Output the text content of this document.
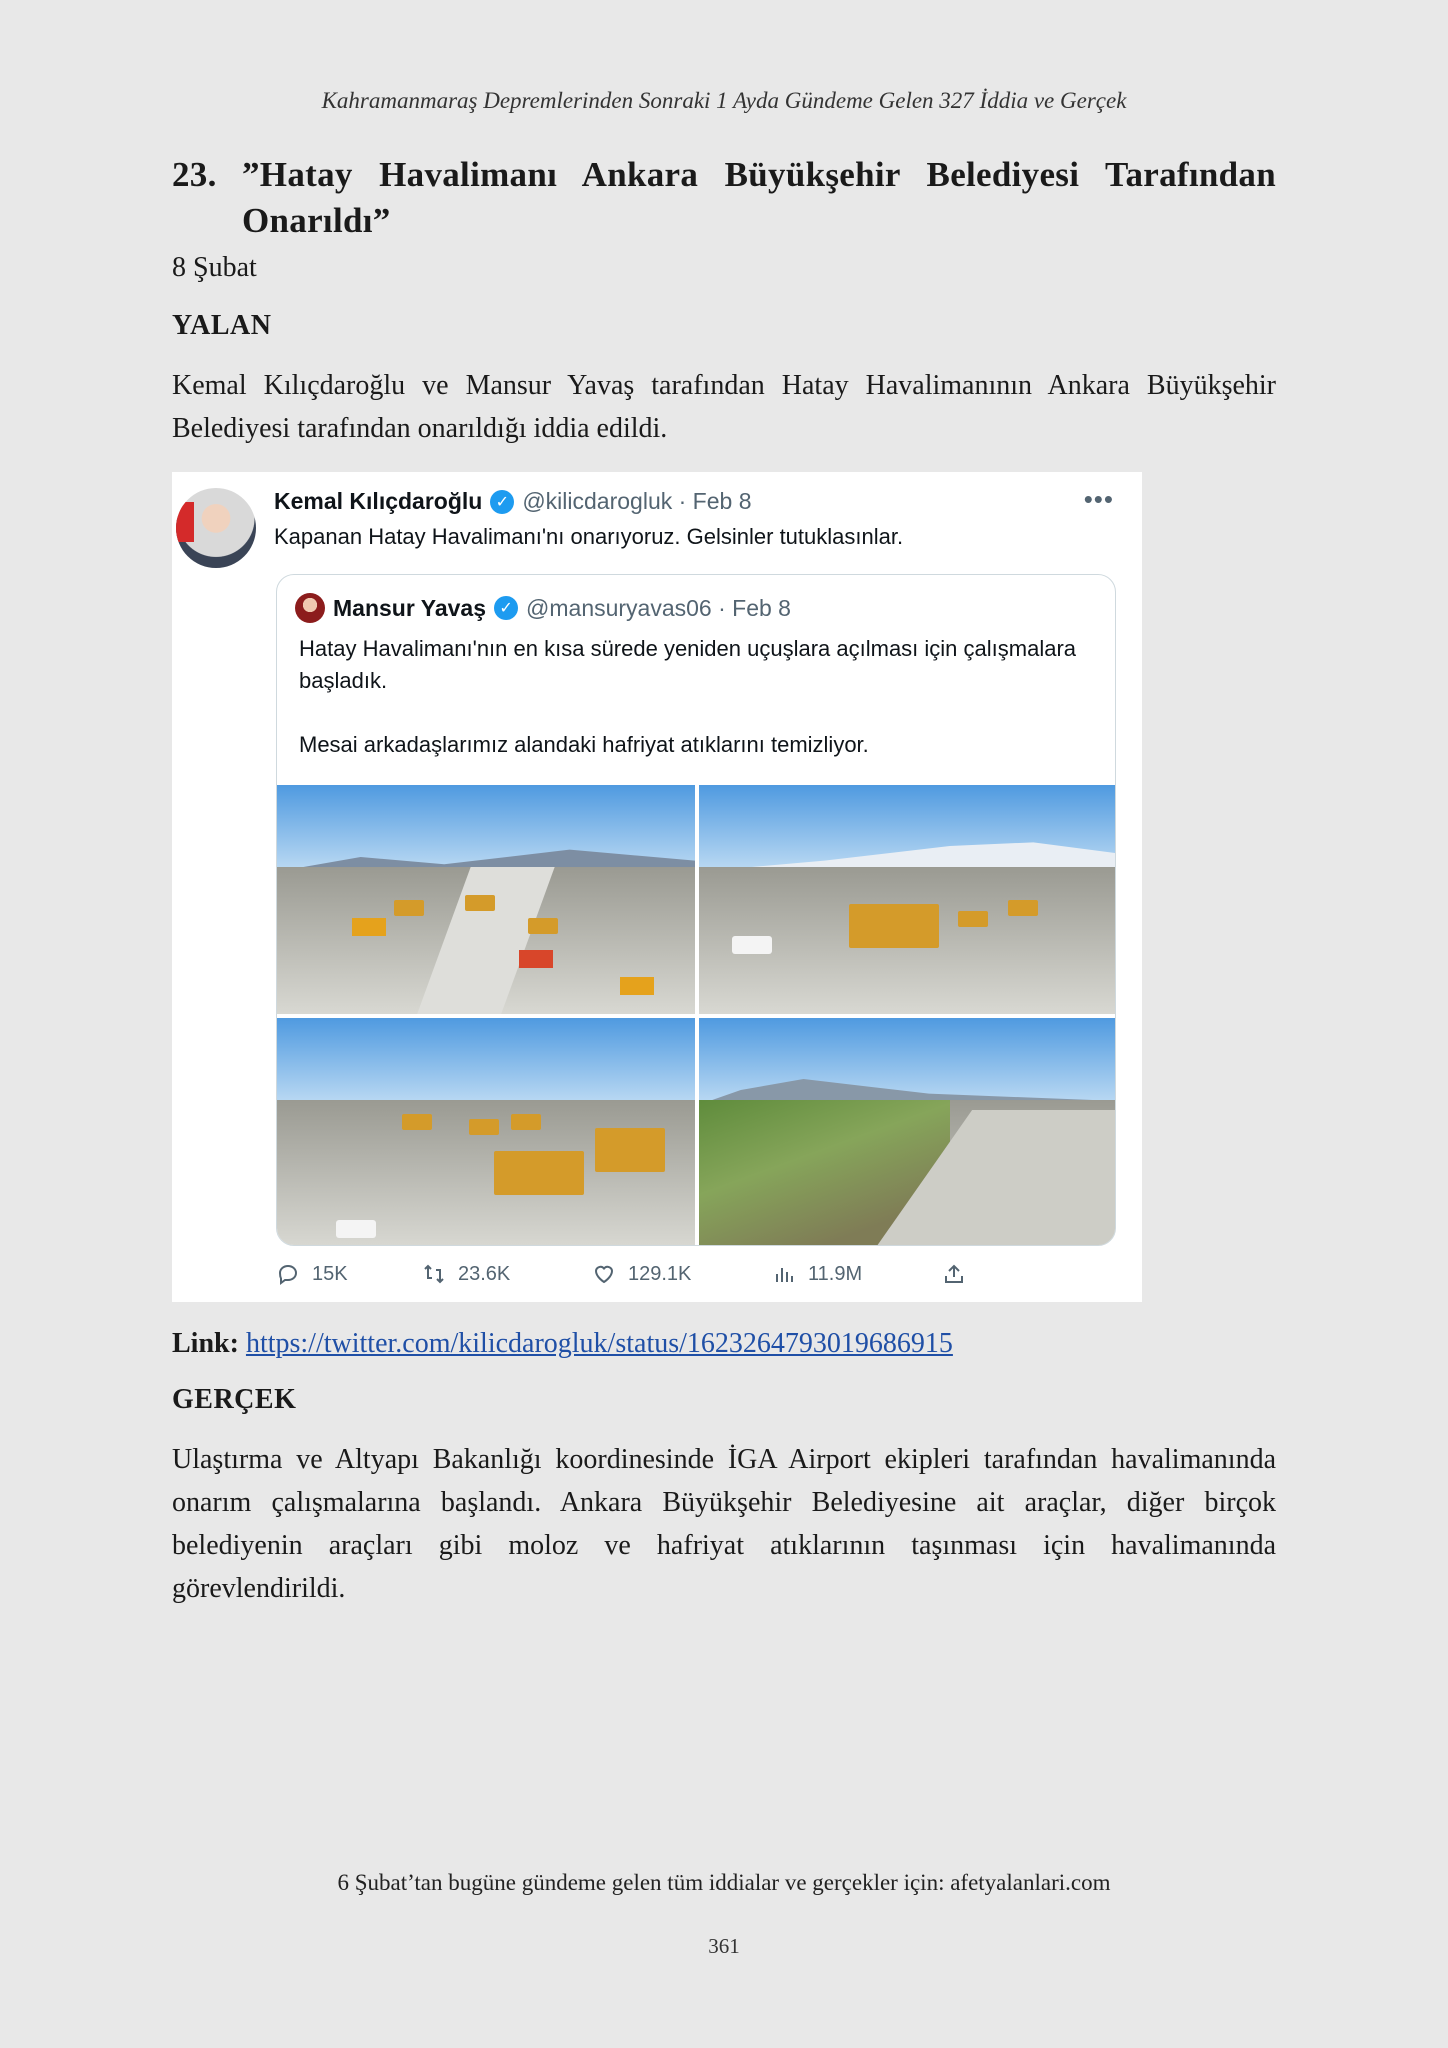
Kahramanmaraş Depremlerinden Sonraki 1 Ayda Gündeme Gelen 327 İddia ve Gerçek
23. ”Hatay Havalimanı Ankara Büyükşehir Belediyesi Tarafından Onarıldı”
8 Şubat
YALAN

Kemal Kılıçdaroğlu ve Mansur Yavaş tarafından Hatay Havalimanının Ankara Büyükşehir Belediyesi tarafından onarıldığı iddia edildi.

Kemal Kılıçdaroğlu ✓ @kilicdarogluk · Feb 8	•••
Kapanan Hatay Havalimanı'nı onarıyoruz. Gelsinler tutuklasınlar.
Mansur Yavaş ✓ @mansuryavas06 · Feb 8

Hatay Havalimanı'nın en kısa sürede yeniden uçuşlara açılması için çalışmalara başladık.

Mesai arkadaşlarımız alandaki hafriyat atıklarını temizliyor.

15K	23.6K	129.1K	11.9M
Link: https://twitter.com/kilicdarogluk/status/1623264793019686915
GERÇEK

Ulaştırma ve Altyapı Bakanlığı koordinesinde İGA Airport ekipleri tarafından havalimanında onarım çalışmalarına başlandı. Ankara Büyükşehir Belediyesine ait araçlar, diğer birçok belediyenin araçları gibi moloz ve hafriyat atıklarının taşınması için havalimanında görevlendirildi.

6 Şubat’tan bugüne gündeme gelen tüm iddialar ve gerçekler için: afetyalanlari.com
361
